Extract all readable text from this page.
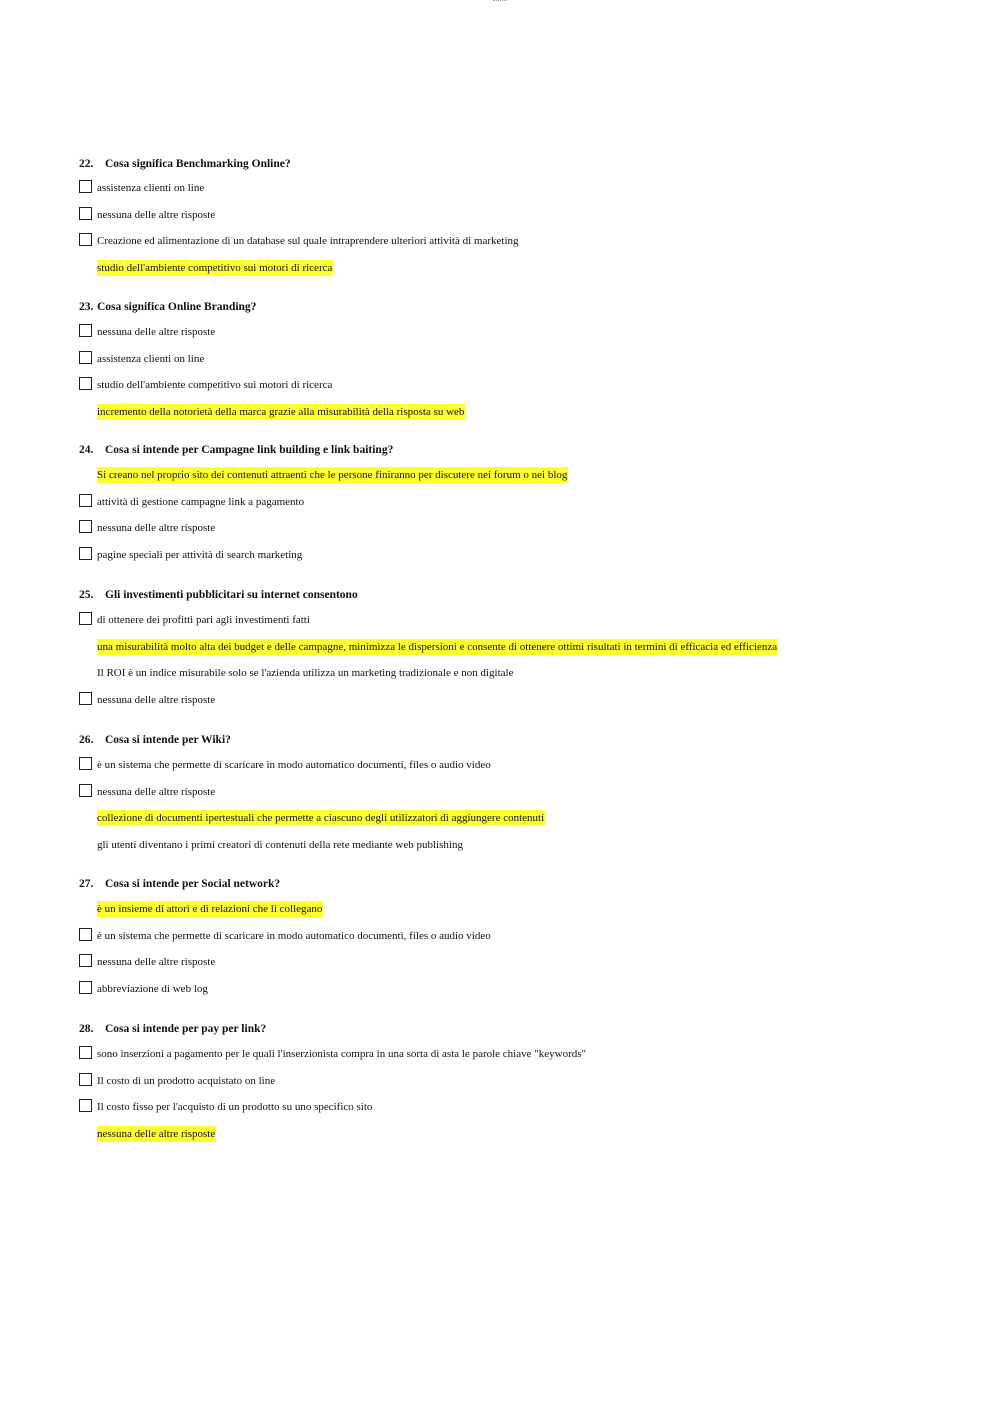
22. Cosa significa Benchmarking Online?
assistenza clienti on line
nessuna delle altre risposte
Creazione ed alimentazione di un database sul quale intraprendere ulteriori attività di marketing
studio dell'ambiente competitivo sui motori di ricerca
23. Cosa significa Online Branding?
nessuna delle altre risposte
assistenza clienti on line
studio dell'ambiente competitivo sui motori di ricerca
incremento della notorietà della marca grazie alla misurabilità della risposta su web
24. Cosa si intende per Campagne link building e link baiting?
Si creano nel proprio sito dei contenuti attraenti che le persone finiranno per discutere nei forum o nei blog
attività di gestione campagne link a pagamento
nessuna delle altre risposte
pagine speciali per attività di search marketing
25. Gli investimenti pubblicitari su internet consentono
di ottenere dei profitti pari agli investimenti fatti
una misurabilità molto alta dei budget e delle campagne, minimizza le dispersioni e consente di ottenere ottimi risultati in termini di efficacia ed efficienza
Il ROI è un indice misurabile solo se l'azienda utilizza un marketing tradizionale e non digitale
nessuna delle altre risposte
26. Cosa si intende per Wiki?
è un sistema che permette di scaricare in modo automatico documenti, files o audio video
nessuna delle altre risposte
collezione di documenti ipertestuali che permette a ciascuno degli utilizzatori di aggiungere contenuti
gli utenti diventano i primi creatori di contenuti della rete mediante web publishing
27. Cosa si intende per Social network?
è un insieme di attori e di relazioni che li collegano
è un sistema che permette di scaricare in modo automatico documenti, files o audio video
nessuna delle altre risposte
abbreviazione di web log
28. Cosa si intende per pay per link?
sono inserzioni a pagamento per le quali l'inserzionista compra in una sorta di asta le parole chiave "keywords"
Il costo di un prodotto acquistato on line
Il costo fisso per l'acquisto di un prodotto su uno specifico sito
nessuna delle altre risposte
